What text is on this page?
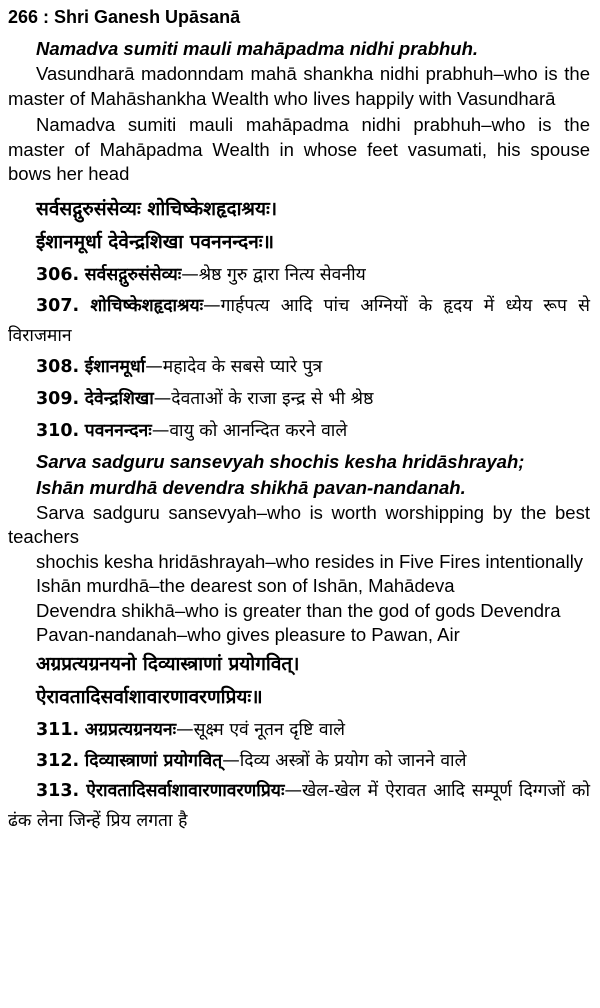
266 : Shri Ganesh Upāsanā
Namadva sumiti mauli mahāpadma nidhi prabhuh.

Vasundharā madonndam mahā shankha nidhi prabhuh–who is the master of Mahāshankha Wealth who lives happily with Vasundharā

Namadva sumiti mauli mahāpadma nidhi prabhuh–who is the master of Mahāpadma Wealth in whose feet vasumati, his spouse bows her head

सर्वसद्गुरुसंसेव्यः शोचिष्केशहृदाश्रयः।
ईशानमूर्धा देवेन्द्रशिखा पवननन्दनः॥

306. सर्वसद्गुरुसंसेव्यः—श्रेष्ठ गुरु द्वारा नित्य सेवनीय

307. शोचिष्केशहृदाश्रयः—गार्हपत्य आदि पांच अग्नियों के हृदय में ध्येय रूप से विराजमान

308. ईशानमूर्धा—महादेव के सबसे प्यारे पुत्र

309. देवेन्द्रशिखा—देवताओं के राजा इन्द्र से भी श्रेष्ठ

310. पवननन्दनः—वायु को आनन्दित करने वाले

Sarva sadguru sansevyah shochis kesha hridāshrayah;
Ishān murdhā devendra shikhā pavan-nandanah.

Sarva sadguru sansevyah–who is worth worshipping by the best teachers

shochis kesha hridāshrayah–who resides in Five Fires intentionally

Ishān murdhā–the dearest son of Ishān, Mahādeva

Devendra shikhā–who is greater than the god of gods Devendra

Pavan-nandanah–who gives pleasure to Pawan, Air

अग्रप्रत्यग्रनयनो दिव्यास्त्राणां प्रयोगवित्।
ऐरावतादिसर्वाशावारणावरणप्रियः॥

311. अग्रप्रत्यग्रनयनः—सूक्ष्म एवं नूतन दृष्टि वाले

312. दिव्यास्त्राणां प्रयोगवित्—दिव्य अस्त्रों के प्रयोग को जानने वाले

313. ऐरावतादिसर्वाशावारणावरणप्रियः—खेल-खेल में ऐरावत आदि सम्पूर्ण दिग्गजों को ढंक लेना जिन्हें प्रिय लगता है
